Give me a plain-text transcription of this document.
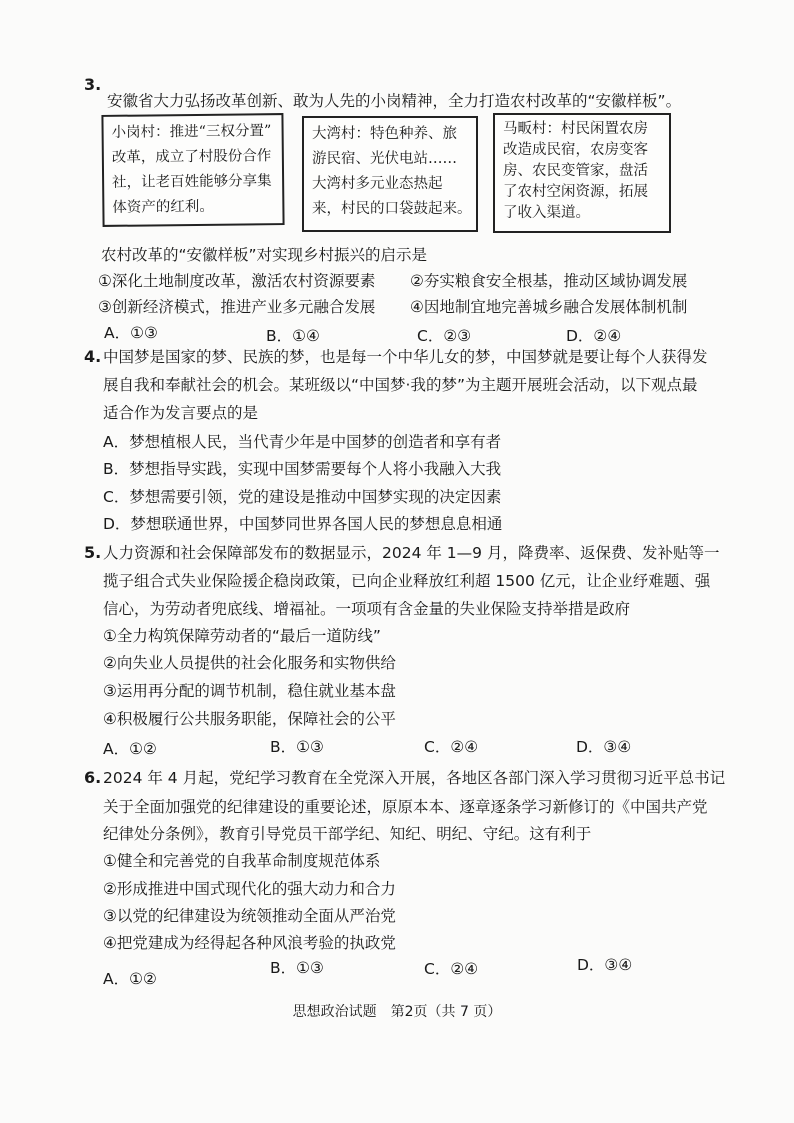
3.
安徽省大力弘扬改革创新、敢为人先的小岗精神，全力打造农村改革的“安徽样板”。
小岗村：推进“三权分置”
改革，成立了村股份合作
社，让老百姓能够分享集
体资产的红利。
大湾村：特色种养、旅
游民宿、光伏电站……
大湾村多元业态热起
来，村民的口袋鼓起来。
马畈村：村民闲置农房
改造成民宿，农房变客
房、农民变管家，盘活
了农村空闲资源，拓展
了收入渠道。
农村改革的“安徽样板”对实现乡村振兴的启示是
①深化土地制度改革，激活农村资源要素 ②夯实粮食安全根基，推动区域协调发展
③创新经济模式，推进产业多元融合发展 ④因地制宜地完善城乡融合发展体制机制
A．①③	B．①④	C．②③	D．②④
4. 中国梦是国家的梦、民族的梦，也是每一个中华儿女的梦，中国梦就是要让每个人获得发
展自我和奉献社会的机会。某班级以“中国梦·我的梦”为主题开展班会活动，以下观点最
适合作为发言要点的是
A．梦想植根人民，当代青少年是中国梦的创造者和享有者
B．梦想指导实践，实现中国梦需要每个人将小我融入大我
C．梦想需要引领，党的建设是推动中国梦实现的决定因素
D．梦想联通世界，中国梦同世界各国人民的梦想息息相通
5. 人力资源和社会保障部发布的数据显示，2024 年 1—9 月，降费率、返保费、发补贴等一
揽子组合式失业保险援企稳岗政策，已向企业释放红利超 1500 亿元，让企业纾难题、强
信心，为劳动者兜底线、增福祉。一项项有含金量的失业保险支持举措是政府
①全力构筑保障劳动者的“最后一道防线”
②向失业人员提供的社会化服务和实物供给
③运用再分配的调节机制，稳住就业基本盘
④积极履行公共服务职能，保障社会的公平
A．①②	B．①③	C．②④	D．③④
6. 2024 年 4 月起，党纪学习教育在全党深入开展，各地区各部门深入学习贯彻习近平总书记
关于全面加强党的纪律建设的重要论述，原原本本、逐章逐条学习新修订的《中国共产党
纪律处分条例》，教育引导党员干部学纪、知纪、明纪、守纪。这有利于
①健全和完善党的自我革命制度规范体系
②形成推进中国式现代化的强大动力和合力
③以党的纪律建设为统领推动全面从严治党
④把党建成为经得起各种风浪考验的执政党
A．①②
B．①③	C．②④	D．③④
思想政治试题　第2页（共 7 页）
